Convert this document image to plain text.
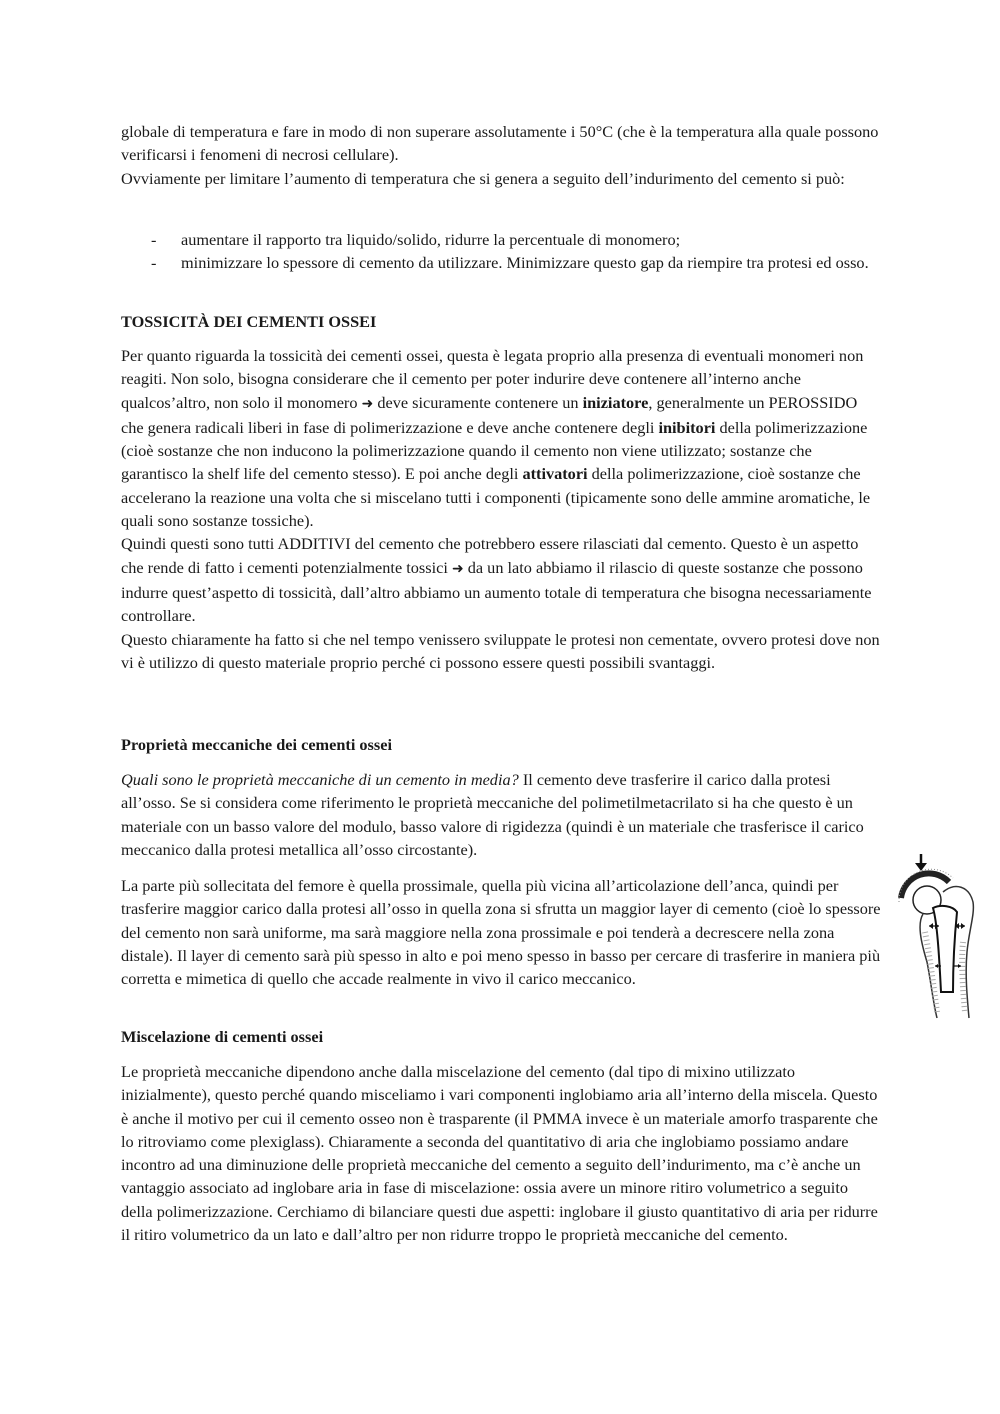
globale di temperatura e fare in modo di non superare assolutamente i 50°C (che è la temperatura alla quale possono verificarsi i fenomeni di necrosi cellulare).

Ovviamente per limitare l’aumento di temperatura che si genera a seguito dell’indurimento del cemento si può:

- aumentare il rapporto tra liquido/solido, ridurre la percentuale di monomero;
- minimizzare lo spessore di cemento da utilizzare. Minimizzare questo gap da riempire tra protesi ed osso.

TOSSICITÀ DEI CEMENTI OSSEI

Per quanto riguarda la tossicità dei cementi ossei, questa è legata proprio alla presenza di eventuali monomeri non reagiti. Non solo, bisogna considerare che il cemento per poter indurire deve contenere all’interno anche qualcos’altro, non solo il monomero ➜ deve sicuramente contenere un iniziatore, generalmente un PEROSSIDO che genera radicali liberi in fase di polimerizzazione e deve anche contenere degli inibitori della polimerizzazione (cioè sostanze che non inducono la polimerizzazione quando il cemento non viene utilizzato; sostanze che garantisco la shelf life del cemento stesso). E poi anche degli attivatori della polimerizzazione, cioè sostanze che accelerano la reazione una volta che si miscelano tutti i componenti (tipicamente sono delle ammine aromatiche, le quali sono sostanze tossiche).

Quindi questi sono tutti ADDITIVI del cemento che potrebbero essere rilasciati dal cemento. Questo è un aspetto che rende di fatto i cementi potenzialmente tossici ➜ da un lato abbiamo il rilascio di queste sostanze che possono indurre quest’aspetto di tossicità, dall’altro abbiamo un aumento totale di temperatura che bisogna necessariamente controllare.

Questo chiaramente ha fatto si che nel tempo venissero sviluppate le protesi non cementate, ovvero protesi dove non vi è utilizzo di questo materiale proprio perché ci possono essere questi possibili svantaggi.

Proprietà meccaniche dei cementi ossei

Quali sono le proprietà meccaniche di un cemento in media? Il cemento deve trasferire il carico dalla protesi all’osso. Se si considera come riferimento le proprietà meccaniche del polimetilmetacrilato si ha che questo è un materiale con un basso valore del modulo, basso valore di rigidezza (quindi è un materiale che trasferisce il carico meccanico dalla protesi metallica all’osso circostante).

La parte più sollecitata del femore è quella prossimale, quella più vicina all’articolazione dell’anca, quindi per trasferire maggior carico dalla protesi all’osso in quella zona si sfrutta un maggior layer di cemento (cioè lo spessore del cemento non sarà uniforme, ma sarà maggiore nella zona prossimale e poi tenderà a decrescere nella zona distale). Il layer di cemento sarà più spesso in alto e poi meno spesso in basso per cercare di trasferire in maniera più corretta e mimetica di quello che accade realmente in vivo il carico meccanico.

Miscelazione di cementi ossei

Le proprietà meccaniche dipendono anche dalla miscelazione del cemento (dal tipo di mixino utilizzato inizialmente), questo perché quando misceliamo i vari componenti inglobiamo aria all’interno della miscela. Questo è anche il motivo per cui il cemento osseo non è trasparente (il PMMA invece è un materiale amorfo trasparente che lo ritroviamo come plexiglass). Chiaramente a seconda del quantitativo di aria che inglobiamo possiamo andare incontro ad una diminuzione delle proprietà meccaniche del cemento a seguito dell’indurimento, ma c’è anche un vantaggio associato ad inglobare aria in fase di miscelazione: ossia avere un minore ritiro volumetrico a seguito della polimerizzazione. Cerchiamo di bilanciare questi due aspetti: inglobare il giusto quantitativo di aria per ridurre il ritiro volumetrico da un lato e dall’altro per non ridurre troppo le proprietà meccaniche del cemento.
